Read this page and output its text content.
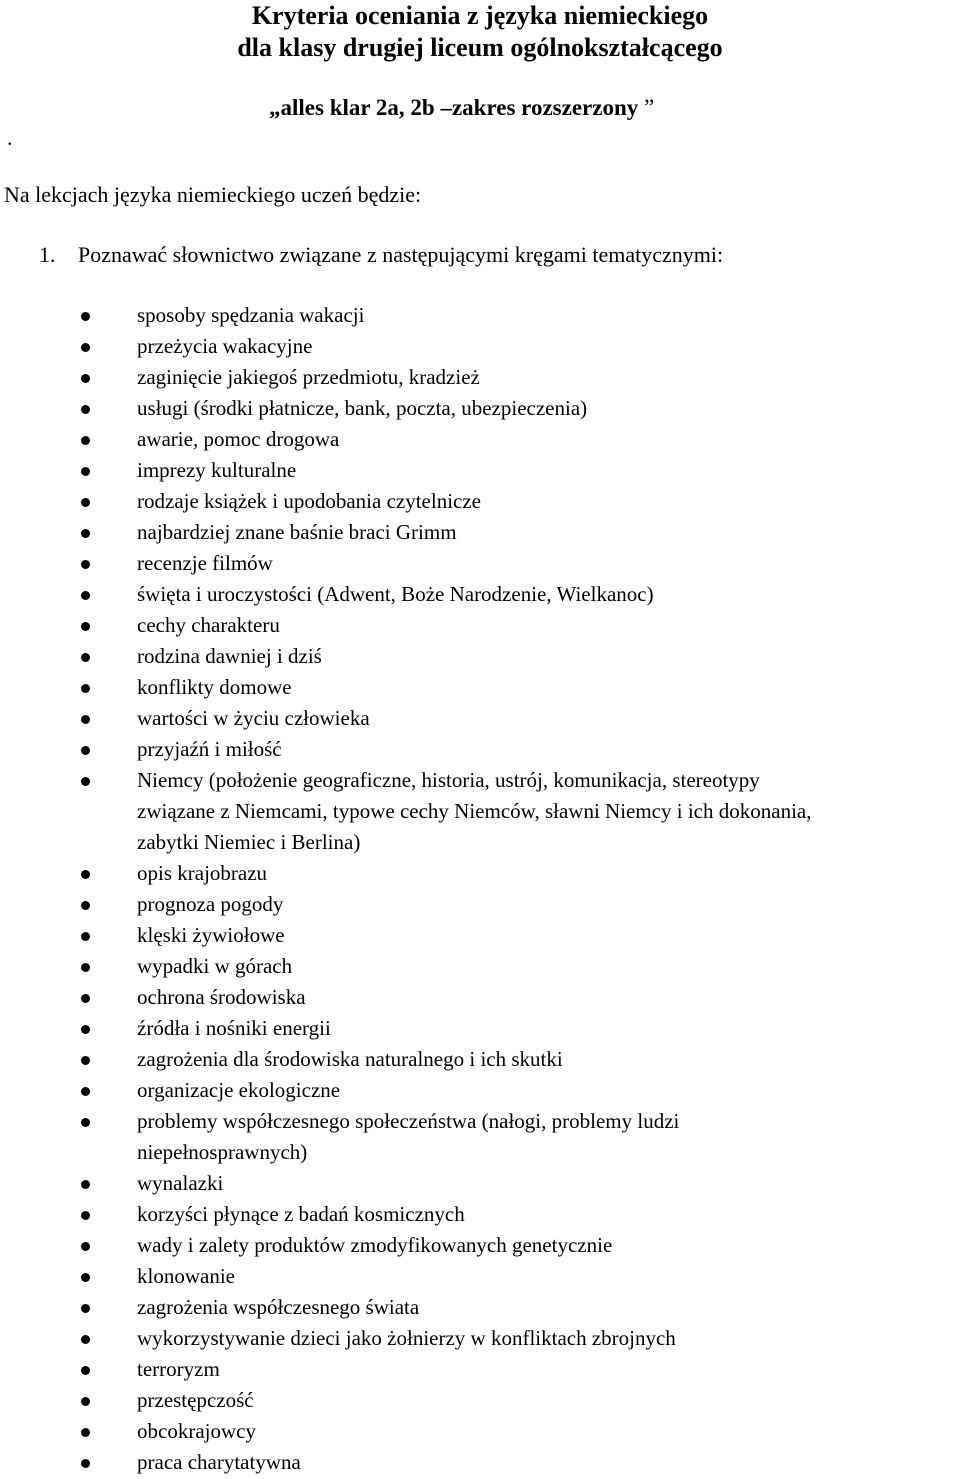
Kryteria oceniania z języka niemieckiego
dla klasy drugiej liceum ogólnokształcącego
„alles klar 2a, 2b –zakres rozszerzony ”
.
Na lekcjach języka niemieckiego uczeń będzie:
1. Poznawać słownictwo związane z następującymi kręgami tematycznymi:
sposoby spędzania wakacji
przeżycia wakacyjne
zaginięcie jakiegoś przedmiotu, kradzież
usługi (środki płatnicze, bank, poczta, ubezpieczenia)
awarie, pomoc drogowa
imprezy kulturalne
rodzaje książek i upodobania czytelnicze
najbardziej znane baśnie braci Grimm
recenzje filmów
święta i uroczystości (Adwent, Boże Narodzenie, Wielkanoc)
cechy charakteru
rodzina dawniej i dziś
konflikty domowe
wartości w życiu człowieka
przyjaźń i miłość
Niemcy (położenie geograficzne, historia, ustrój, komunikacja, stereotypy
związane z Niemcami, typowe cechy Niemców, sławni Niemcy i ich dokonania,
zabytki Niemiec i Berlina)
opis krajobrazu
prognoza pogody
klęski żywiołowe
wypadki w górach
ochrona środowiska
źródła i nośniki energii
zagrożenia dla środowiska naturalnego i ich skutki
organizacje ekologiczne
problemy współczesnego społeczeństwa (nałogi, problemy ludzi
niepełnosprawnych)
wynalazki
korzyści płynące z badań kosmicznych
wady i zalety produktów zmodyfikowanych genetycznie
klonowanie
zagrożenia współczesnego świata
wykorzystywanie dzieci jako żołnierzy w konfliktach zbrojnych
terroryzm
przestępczość
obcokrajowcy
praca charytatywna
